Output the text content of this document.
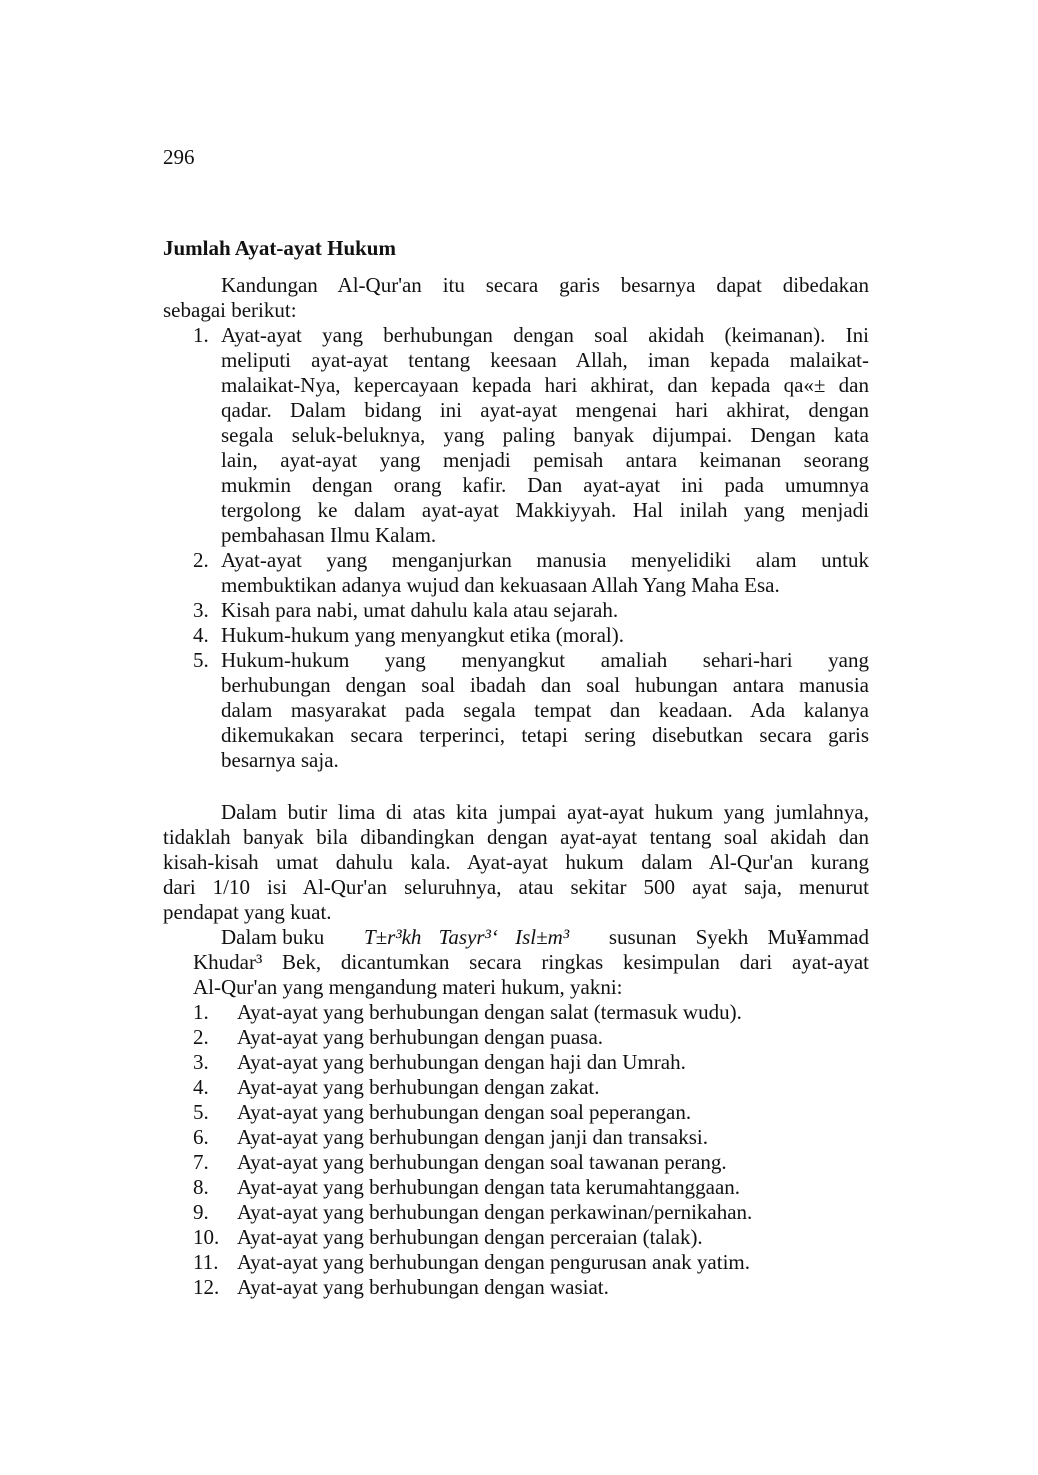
296
Jumlah Ayat-ayat Hukum
Kandungan Al-Qur'an itu secara garis besarnya dapat dibedakan
sebagai berikut:
1. Ayat-ayat yang berhubungan dengan soal akidah (keimanan). Ini
meliputi ayat-ayat tentang keesaan Allah, iman kepada malaikat-
malaikat-Nya, kepercayaan kepada hari akhirat, dan kepada qa«± dan
qadar. Dalam bidang ini ayat-ayat mengenai hari akhirat, dengan
segala seluk-beluknya, yang paling banyak dijumpai. Dengan kata
lain, ayat-ayat yang menjadi pemisah antara keimanan seorang
mukmin dengan orang kafir. Dan ayat-ayat ini pada umumnya
tergolong ke dalam ayat-ayat Makkiyyah. Hal inilah yang menjadi
pembahasan Ilmu Kalam.
2. Ayat-ayat yang menganjurkan manusia menyelidiki alam untuk
membuktikan adanya wujud dan kekuasaan Allah Yang Maha Esa.
3. Kisah para nabi, umat dahulu kala atau sejarah.
4. Hukum-hukum yang menyangkut etika (moral).
5. Hukum-hukum yang menyangkut amaliah sehari-hari yang
berhubungan dengan soal ibadah dan soal hubungan antara manusia
dalam masyarakat pada segala tempat dan keadaan. Ada kalanya
dikemukakan secara terperinci, tetapi sering disebutkan secara garis
besarnya saja.
Dalam butir lima di atas kita jumpai ayat-ayat hukum yang jumlahnya,
tidaklah banyak bila dibandingkan dengan ayat-ayat tentang soal akidah dan
kisah-kisah umat dahulu kala. Ayat-ayat hukum dalam Al-Qur'an kurang
dari 1/10 isi Al-Qur'an seluruhnya, atau sekitar 500 ayat saja, menurut
pendapat yang kuat.
Dalam buku T±r³kh Tasyr³‘ Isl±m³ susunan Syekh Mu¥ammad
Khudar³ Bek, dicantumkan secara ringkas kesimpulan dari ayat-ayat
Al-Qur'an yang mengandung materi hukum, yakni:
1. Ayat-ayat yang berhubungan dengan salat (termasuk wudu).
2. Ayat-ayat yang berhubungan dengan puasa.
3. Ayat-ayat yang berhubungan dengan haji dan Umrah.
4. Ayat-ayat yang berhubungan dengan zakat.
5. Ayat-ayat yang berhubungan dengan soal peperangan.
6. Ayat-ayat yang berhubungan dengan janji dan transaksi.
7. Ayat-ayat yang berhubungan dengan soal tawanan perang.
8. Ayat-ayat yang berhubungan dengan tata kerumahtanggaan.
9. Ayat-ayat yang berhubungan dengan perkawinan/pernikahan.
10. Ayat-ayat yang berhubungan dengan perceraian (talak).
11. Ayat-ayat yang berhubungan dengan pengurusan anak yatim.
12. Ayat-ayat yang berhubungan dengan wasiat.
